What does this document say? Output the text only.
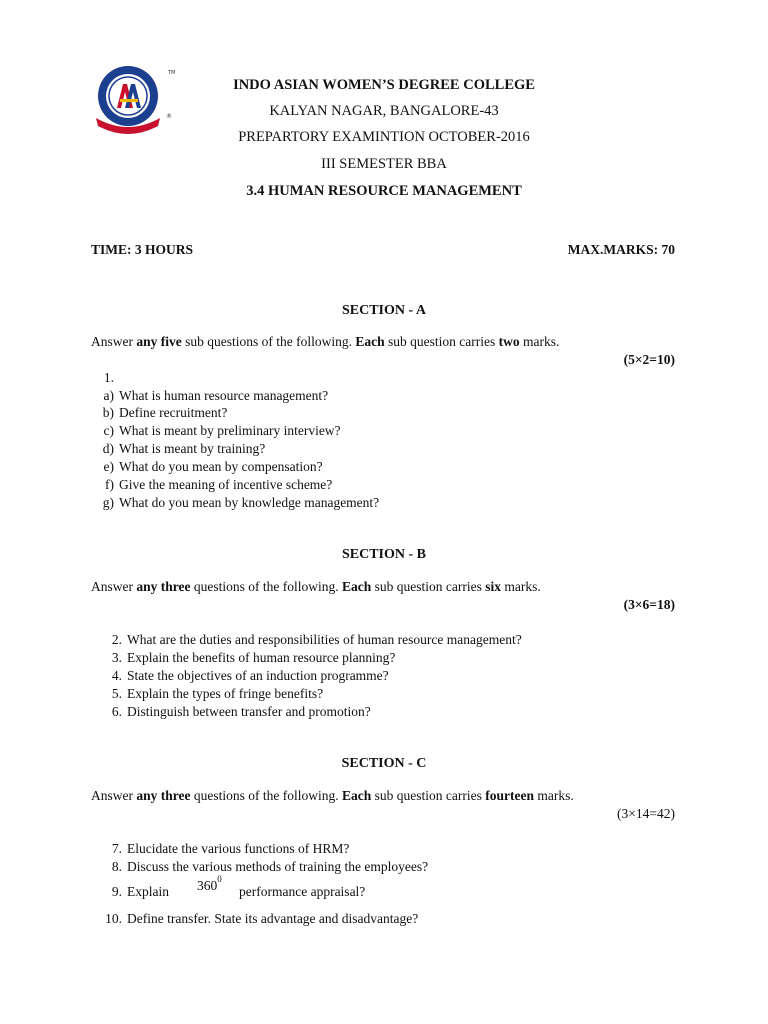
TM
®
INDO ASIAN WOMEN’S DEGREE COLLEGE
KALYAN NAGAR, BANGALORE-43
PREPARTORY EXAMINTION OCTOBER-2016
III SEMESTER BBA
3.4 HUMAN RESOURCE MANAGEMENT
TIME: 3 HOURS	MAX.MARKS: 70
SECTION - A
Answer any five sub questions of the following. Each sub question carries two marks.
(5×2=10)
1.
a) What is human resource management?
b) Define recruitment?
c) What is meant by preliminary interview?
d) What is meant by training?
e) What do you mean by compensation?
f) Give the meaning of incentive scheme?
g) What do you mean by knowledge management?
SECTION - B
Answer any three questions of the following. Each sub question carries six marks.
(3×6=18)
2. What are the duties and responsibilities of human resource management?
3. Explain the benefits of human resource planning?
4. State the objectives of an induction programme?
5. Explain the types of fringe benefits?
6. Distinguish between transfer and promotion?
SECTION - C
Answer any three questions of the following. Each sub question carries fourteen marks.
(3×14=42)
7. Elucidate the various functions of HRM?
8. Discuss the various methods of training the employees?
9. Explain $360^0$
performance appraisal?
10. Define transfer. State its advantage and disadvantage?
